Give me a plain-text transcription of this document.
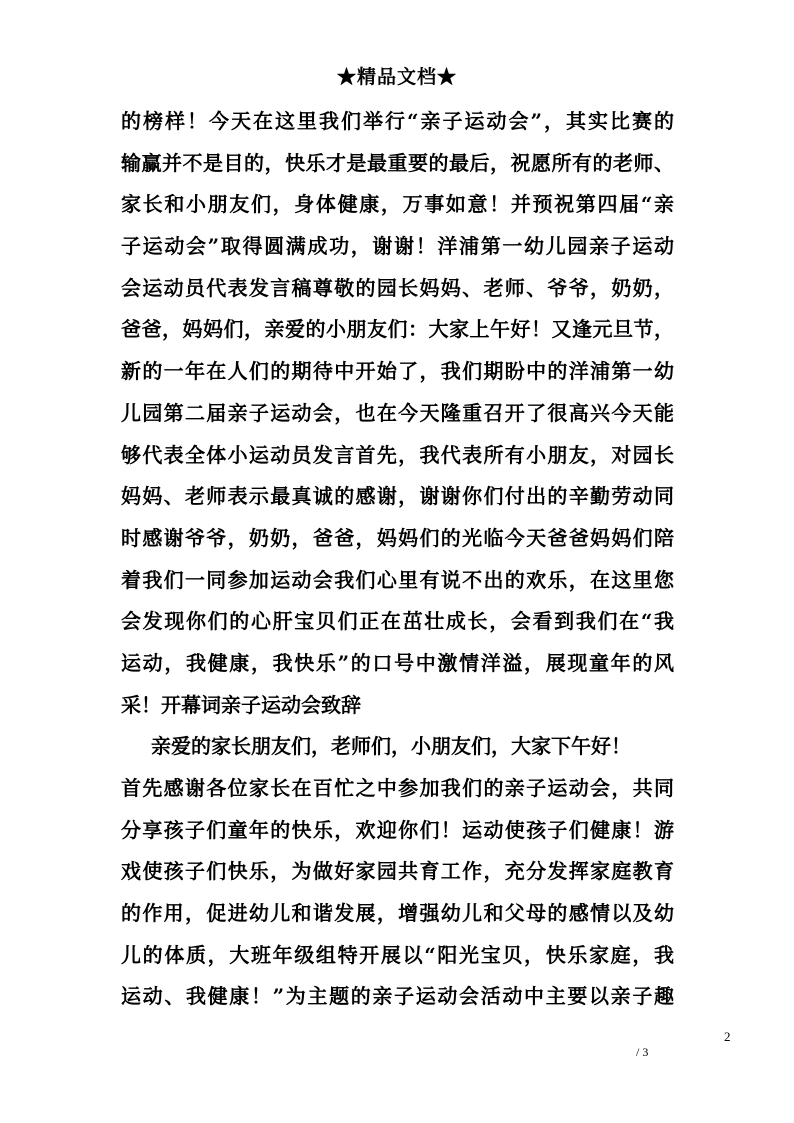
★精品文档★
的榜样！今天在这里我们举行“亲子运动会”，其实比赛的
输赢并不是目的，快乐才是最重要的最后，祝愿所有的老师、
家长和小朋友们，身体健康，万事如意！并预祝第四届“亲
子运动会”取得圆满成功，谢谢！洋浦第一幼儿园亲子运动
会运动员代表发言稿尊敬的园长妈妈、老师、爷爷，奶奶，
爸爸，妈妈们，亲爱的小朋友们：大家上午好！又逢元旦节，
新的一年在人们的期待中开始了，我们期盼中的洋浦第一幼
儿园第二届亲子运动会，也在今天隆重召开了很高兴今天能
够代表全体小运动员发言首先，我代表所有小朋友，对园长
妈妈、老师表示最真诚的感谢，谢谢你们付出的辛勤劳动同
时感谢爷爷，奶奶，爸爸，妈妈们的光临今天爸爸妈妈们陪
着我们一同参加运动会我们心里有说不出的欢乐，在这里您
会发现你们的心肝宝贝们正在茁壮成长，会看到我们在“我
运动，我健康，我快乐”的口号中激情洋溢，展现童年的风
采！开幕词亲子运动会致辞
亲爱的家长朋友们，老师们，小朋友们，大家下午好！
首先感谢各位家长在百忙之中参加我们的亲子运动会，共同
分享孩子们童年的快乐，欢迎你们！运动使孩子们健康！游
戏使孩子们快乐，为做好家园共育工作，充分发挥家庭教育
的作用，促进幼儿和谐发展，增强幼儿和父母的感情以及幼
儿的体质，大班年级组特开展以“阳光宝贝，快乐家庭，我
运动、我健康！”为主题的亲子运动会活动中主要以亲子趣
2
/ 3
